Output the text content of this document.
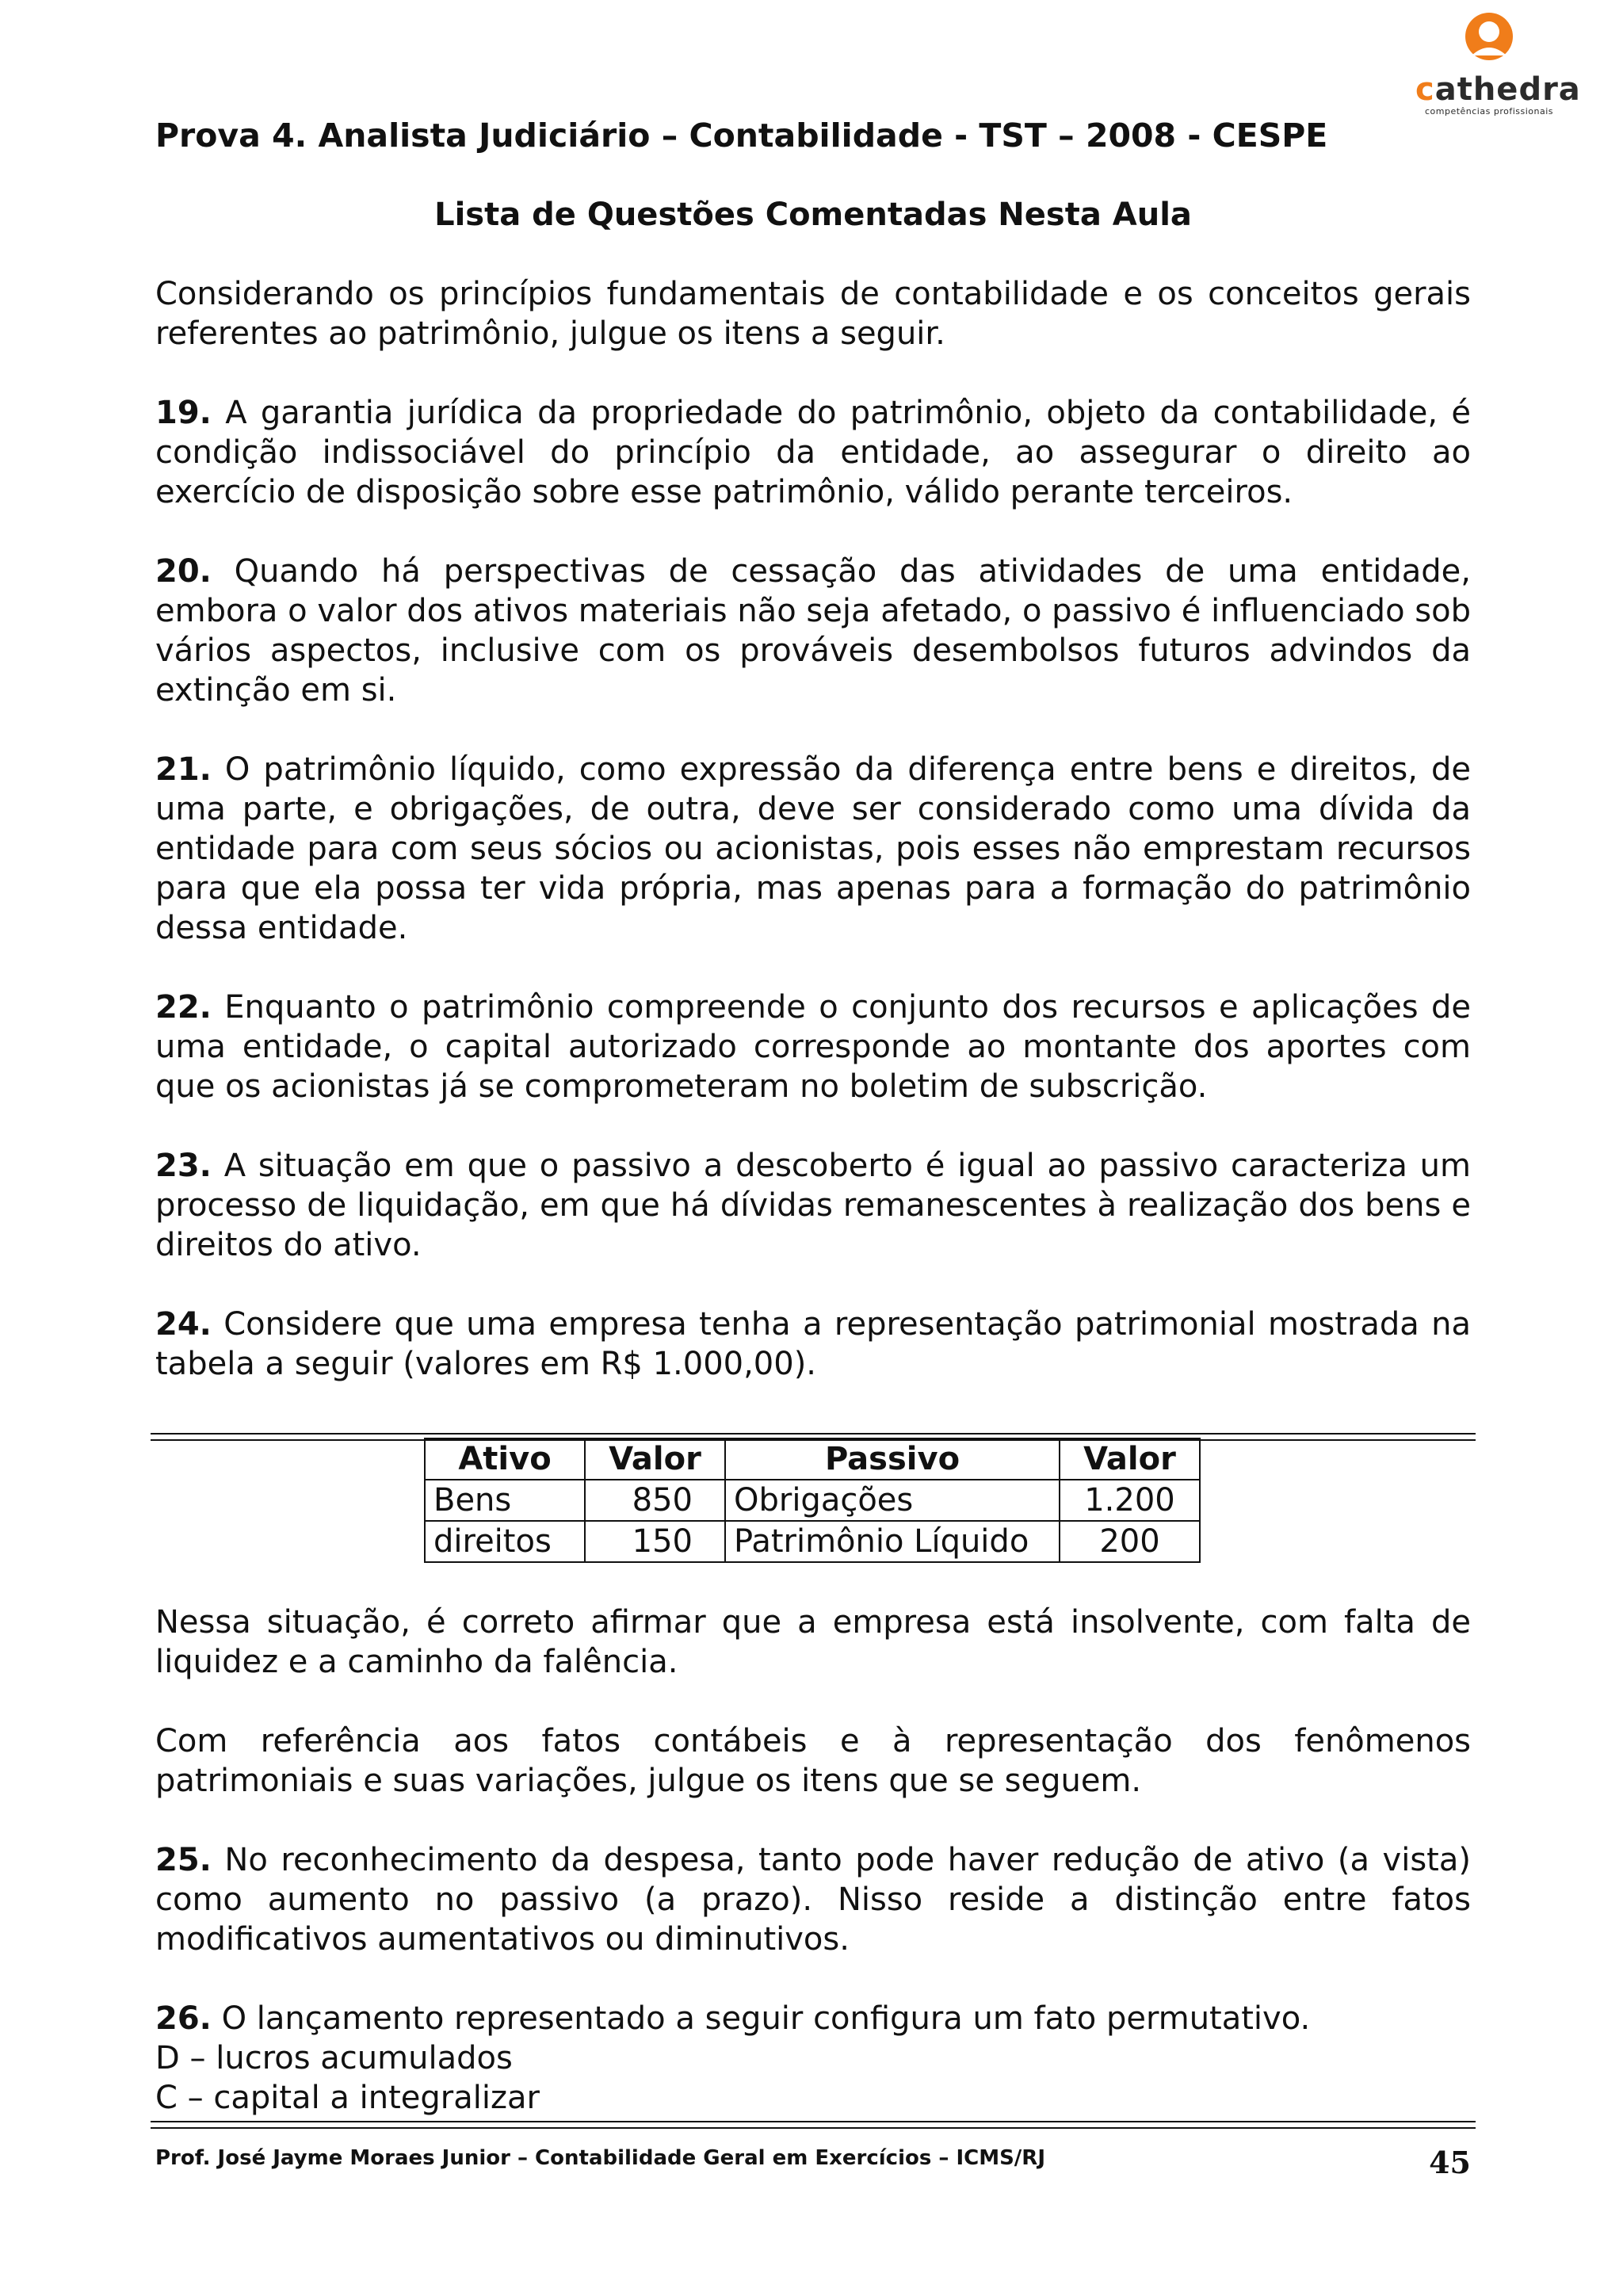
cathedra
competências profissionais
Prova 4. Analista Judiciário – Contabilidade - TST – 2008 - CESPE
Lista de Questões Comentadas Nesta Aula

Considerando os princípios fundamentais de contabilidade e os conceitos gerais referentes ao patrimônio, julgue os itens a seguir.

19. A garantia jurídica da propriedade do patrimônio, objeto da contabilidade, é condição indissociável do princípio da entidade, ao assegurar o direito ao exercício de disposição sobre esse patrimônio, válido perante terceiros.

20. Quando há perspectivas de cessação das atividades de uma entidade, embora o valor dos ativos materiais não seja afetado, o passivo é influenciado sob vários aspectos, inclusive com os prováveis desembolsos futuros advindos da extinção em si.

21. O patrimônio líquido, como expressão da diferença entre bens e direitos, de uma parte, e obrigações, de outra, deve ser considerado como uma dívida da entidade para com seus sócios ou acionistas, pois esses não emprestam recursos para que ela possa ter vida própria, mas apenas para a formação do patrimônio dessa entidade.

22. Enquanto o patrimônio compreende o conjunto dos recursos e aplicações de uma entidade, o capital autorizado corresponde ao montante dos aportes com que os acionistas já se comprometeram no boletim de subscrição.

23. A situação em que o passivo a descoberto é igual ao passivo caracteriza um processo de liquidação, em que há dívidas remanescentes à realização dos bens e direitos do ativo.

24. Considere que uma empresa tenha a representação patrimonial mostrada na tabela a seguir (valores em R$ 1.000,00).

Ativo	Valor	Passivo	Valor
Bens	850	Obrigações	1.200
direitos	150	Patrimônio Líquido	200

Nessa situação, é correto afirmar que a empresa está insolvente, com falta de liquidez e a caminho da falência.

Com referência aos fatos contábeis e à representação dos fenômenos patrimoniais e suas variações, julgue os itens que se seguem.

25. No reconhecimento da despesa, tanto pode haver redução de ativo (a vista) como aumento no passivo (a prazo). Nisso reside a distinção entre fatos modificativos aumentativos ou diminutivos.

26. O lançamento representado a seguir configura um fato permutativo.

D – lucros acumulados

C – capital a integralizar

Prof. José Jayme Moraes Junior – Contabilidade Geral em Exercícios – ICMS/RJ	45
